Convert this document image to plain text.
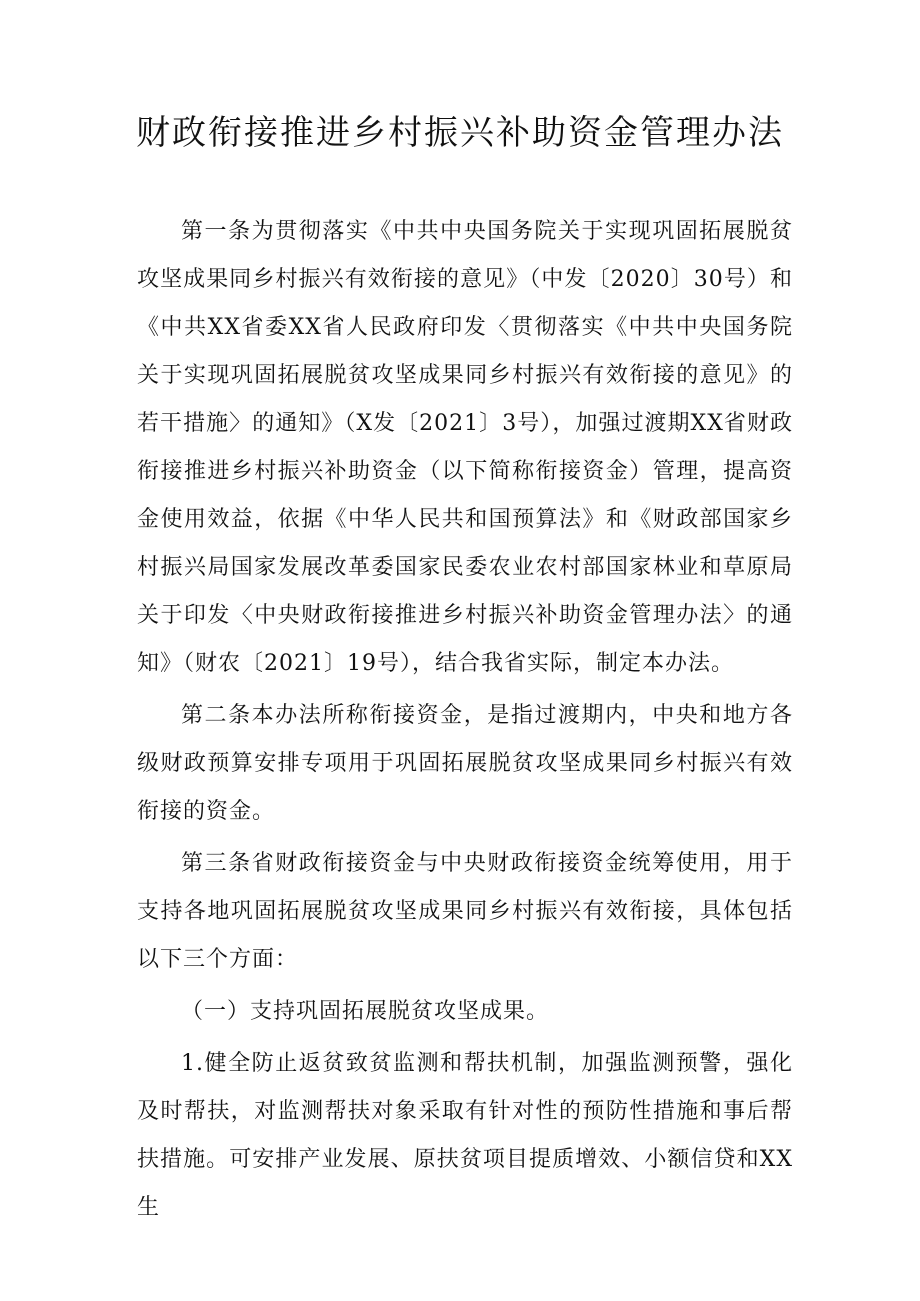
财政衔接推进乡村振兴补助资金管理办法

第一条为贯彻落实《中共中央国务院关于实现巩固拓展脱贫攻坚成果同乡村振兴有效衔接的意见》（中发〔2020〕30号）和《中共XX省委XX省人民政府印发〈贯彻落实《中共中央国务院关于实现巩固拓展脱贫攻坚成果同乡村振兴有效衔接的意见》的若干措施〉的通知》（X发〔2021〕3号），加强过渡期XX省财政衔接推进乡村振兴补助资金（以下简称衔接资金）管理，提高资金使用效益，依据《中华人民共和国预算法》和《财政部国家乡村振兴局国家发展改革委国家民委农业农村部国家林业和草原局关于印发〈中央财政衔接推进乡村振兴补助资金管理办法〉的通知》（财农〔2021〕19号），结合我省实际，制定本办法。

第二条本办法所称衔接资金，是指过渡期内，中央和地方各级财政预算安排专项用于巩固拓展脱贫攻坚成果同乡村振兴有效衔接的资金。

第三条省财政衔接资金与中央财政衔接资金统筹使用，用于支持各地巩固拓展脱贫攻坚成果同乡村振兴有效衔接，具体包括以下三个方面：

（一）支持巩固拓展脱贫攻坚成果。

1.健全防止返贫致贫监测和帮扶机制，加强监测预警，强化及时帮扶，对监测帮扶对象采取有针对性的预防性措施和事后帮扶措施。可安排产业发展、原扶贫项目提质增效、小额信贷和XX生
